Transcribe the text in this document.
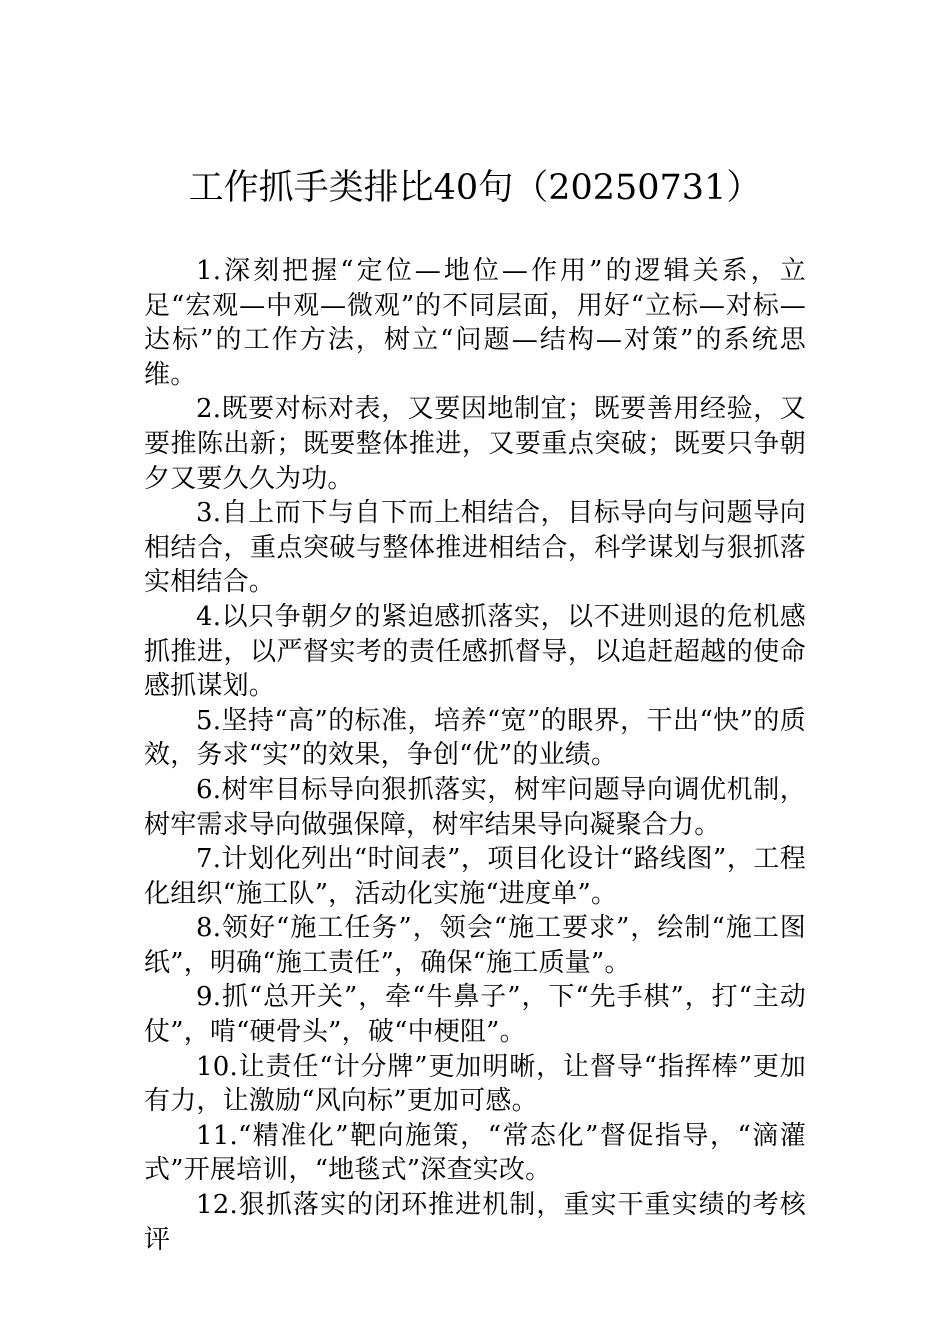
工作抓手类排比40句（20250731）

1.深刻把握“定位—地位—作用”的逻辑关系，立足“宏观—中观—微观”的不同层面，用好“立标—对标—达标”的工作方法，树立“问题—结构—对策”的系统思维。

2.既要对标对表，又要因地制宜；既要善用经验，又要推陈出新；既要整体推进，又要重点突破；既要只争朝夕又要久久为功。

3.自上而下与自下而上相结合，目标导向与问题导向相结合，重点突破与整体推进相结合，科学谋划与狠抓落实相结合。

4.以只争朝夕的紧迫感抓落实，以不进则退的危机感抓推进，以严督实考的责任感抓督导，以追赶超越的使命感抓谋划。

5.坚持“高”的标准，培养“宽”的眼界，干出“快”的质效，务求“实”的效果，争创“优”的业绩。

6.树牢目标导向狠抓落实，树牢问题导向调优机制，树牢需求导向做强保障，树牢结果导向凝聚合力。

7.计划化列出“时间表”，项目化设计“路线图”，工程化组织“施工队”，活动化实施“进度单”。

8.领好“施工任务”，领会“施工要求”，绘制“施工图纸”，明确“施工责任”，确保“施工质量”。

9.抓“总开关”，牵“牛鼻子”，下“先手棋”，打“主动仗”，啃“硬骨头”，破“中梗阻”。

10.让责任“计分牌”更加明晰，让督导“指挥棒”更加有力，让激励“风向标”更加可感。

11.“精准化”靶向施策，“常态化”督促指导，“滴灌式”开展培训，“地毯式”深查实改。

12.狠抓落实的闭环推进机制，重实干重实绩的考核评
